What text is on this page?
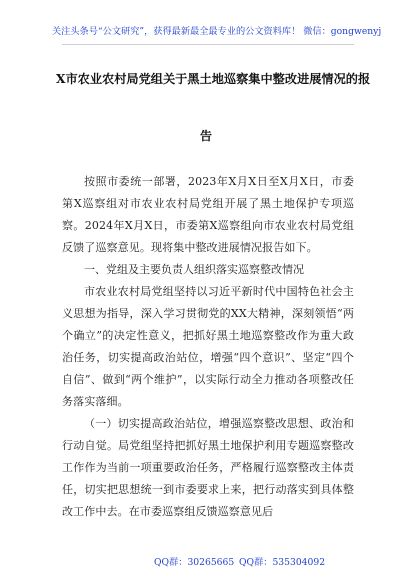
关注头条号“公文研究”，获得最新最全最专业的公文资料库！ 微信：gongwenyj
X市农业农村局党组关于黑土地巡察集中整改进展情况的报
告

按照市委统一部署，2023年X月X日至X月X日，市委第X巡察组对市农业农村局党组开展了黑土地保护专项巡察。2024年X月X日，市委第X巡察组向市农业农村局党组反馈了巡察意见。现将集中整改进展情况报告如下。

一、党组及主要负责人组织落实巡察整改情况

市农业农村局党组坚持以习近平新时代中国特色社会主义思想为指导，深入学习贯彻党的XX大精神，深刻领悟“两个确立”的决定性意义，把抓好黑土地巡察整改作为重大政治任务，切实提高政治站位，增强“四个意识”、坚定“四个自信”、做到“两个维护”，以实际行动全力推动各项整改任务落实落细。

（一）切实提高政治站位，增强巡察整改思想、政治和行动自觉。局党组坚持把抓好黑土地保护利用专题巡察整改工作作为当前一项重要政治任务，严格履行巡察整改主体责任，切实把思想统一到市委要求上来，把行动落实到具体整改工作中去。在市委巡察组反馈巡察意见后

QQ群：30265665 QQ群：535304092
